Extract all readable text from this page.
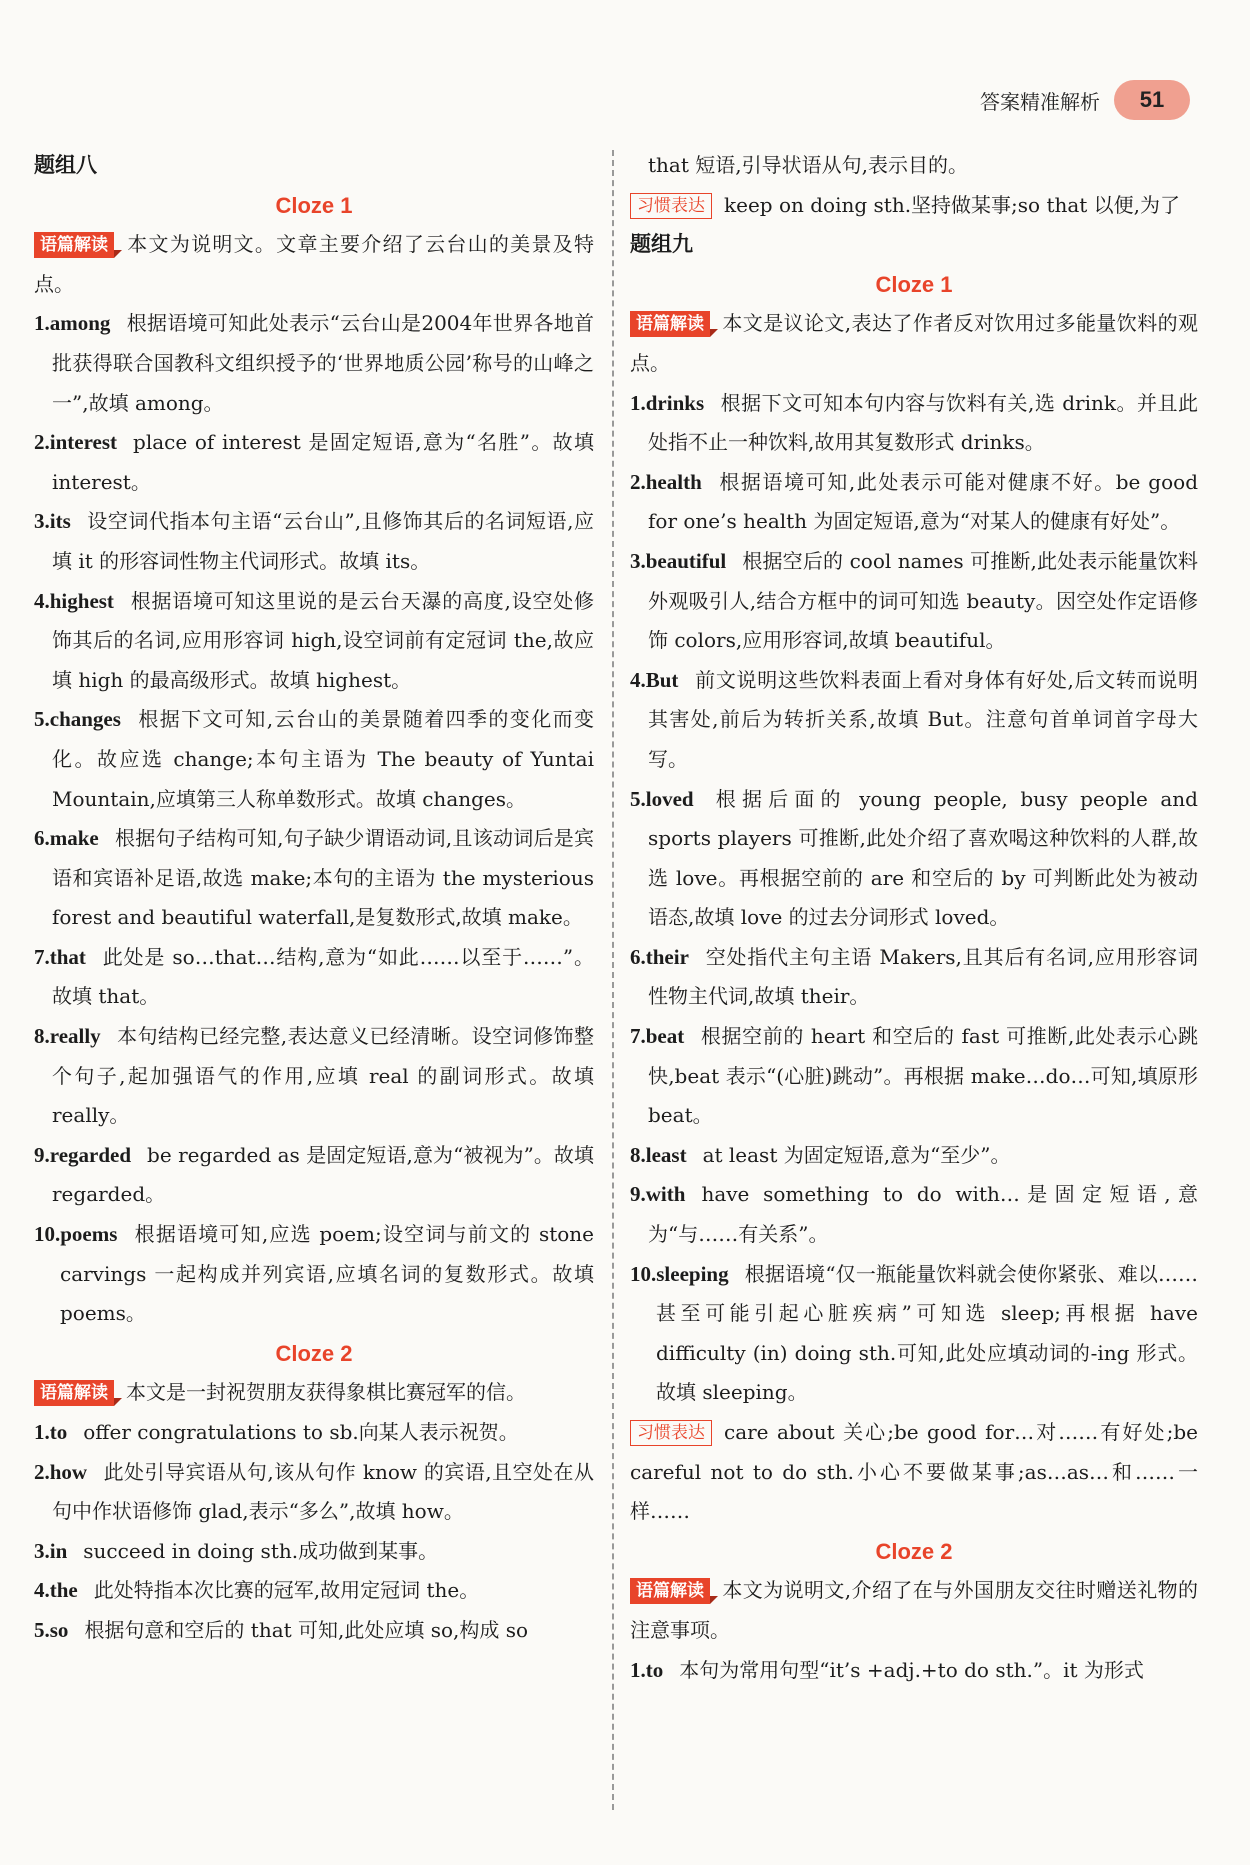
答案精准解析	51
题组八
Cloze 1
语篇解读 本文为说明文。文章主要介绍了云台山的美景及特点。
1.among 根据语境可知此处表示“云台山是2004年世界各地首批获得联合国教科文组织授予的‘世界地质公园’称号的山峰之一”,故填 among。
2.interest place of interest 是固定短语,意为“名胜”。故填 interest。
3.its 设空词代指本句主语“云台山”,且修饰其后的名词短语,应填 it 的形容词性物主代词形式。故填 its。
4.highest 根据语境可知这里说的是云台天瀑的高度,设空处修饰其后的名词,应用形容词 high,设空词前有定冠词 the,故应填 high 的最高级形式。故填 highest。
5.changes 根据下文可知,云台山的美景随着四季的变化而变化。故应选 change;本句主语为 The beauty of Yuntai Mountain,应填第三人称单数形式。故填 changes。
6.make 根据句子结构可知,句子缺少谓语动词,且该动词后是宾语和宾语补足语,故选 make;本句的主语为 the mysterious forest and beautiful waterfall,是复数形式,故填 make。
7.that 此处是 so…that…结构,意为“如此……以至于……”。故填 that。
8.really 本句结构已经完整,表达意义已经清晰。设空词修饰整个句子,起加强语气的作用,应填 real 的副词形式。故填 really。
9.regarded be regarded as 是固定短语,意为“被视为”。故填 regarded。
10.poems 根据语境可知,应选 poem;设空词与前文的 stone carvings 一起构成并列宾语,应填名词的复数形式。故填 poems。
Cloze 2
语篇解读 本文是一封祝贺朋友获得象棋比赛冠军的信。
1.to offer congratulations to sb.向某人表示祝贺。
2.how 此处引导宾语从句,该从句作 know 的宾语,且空处在从句中作状语修饰 glad,表示“多么”,故填 how。
3.in succeed in doing sth.成功做到某事。
4.the 此处特指本次比赛的冠军,故用定冠词 the。
5.so 根据句意和空后的 that 可知,此处应填 so,构成 so
that 短语,引导状语从句,表示目的。
习惯表达 keep on doing sth.坚持做某事;so that 以便,为了
题组九
Cloze 1
语篇解读 本文是议论文,表达了作者反对饮用过多能量饮料的观点。
1.drinks 根据下文可知本句内容与饮料有关,选 drink。并且此处指不止一种饮料,故用其复数形式 drinks。
2.health 根据语境可知,此处表示可能对健康不好。be good for one’s health 为固定短语,意为“对某人的健康有好处”。
3.beautiful 根据空后的 cool names 可推断,此处表示能量饮料外观吸引人,结合方框中的词可知选 beauty。因空处作定语修饰 colors,应用形容词,故填 beautiful。
4.But 前文说明这些饮料表面上看对身体有好处,后文转而说明其害处,前后为转折关系,故填 But。注意句首单词首字母大写。
5.loved 根据后面的 young people, busy people and sports players 可推断,此处介绍了喜欢喝这种饮料的人群,故选 love。再根据空前的 are 和空后的 by 可判断此处为被动语态,故填 love 的过去分词形式 loved。
6.their 空处指代主句主语 Makers,且其后有名词,应用形容词性物主代词,故填 their。
7.beat 根据空前的 heart 和空后的 fast 可推断,此处表示心跳快,beat 表示“(心脏)跳动”。再根据 make…do…可知,填原形 beat。
8.least at least 为固定短语,意为“至少”。
9.with have something to do with…是固定短语,意为“与……有关系”。
10.sleeping 根据语境“仅一瓶能量饮料就会使你紧张、难以……甚至可能引起心脏疾病”可知选 sleep;再根据 have difficulty (in) doing sth.可知,此处应填动词的-ing 形式。故填 sleeping。
习惯表达 care about 关心;be good for…对……有好处;be careful not to do sth.小心不要做某事;as…as…和……一样……
Cloze 2
语篇解读 本文为说明文,介绍了在与外国朋友交往时赠送礼物的注意事项。
1.to 本句为常用句型“it’s +adj.+to do sth.”。it 为形式
